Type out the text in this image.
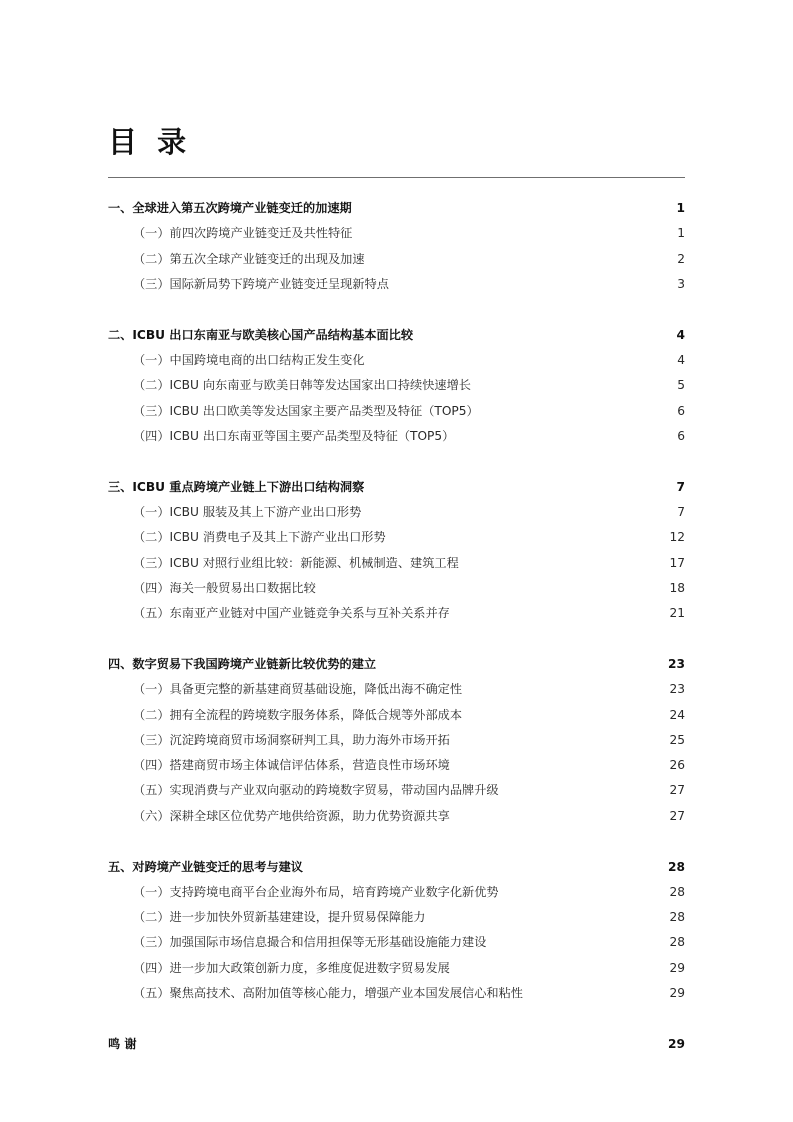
目 录
一、全球进入第五次跨境产业链变迁的加速期	1
（一）前四次跨境产业链变迁及共性特征	1
（二）第五次全球产业链变迁的出现及加速	2
（三）国际新局势下跨境产业链变迁呈现新特点	3
二、ICBU 出口东南亚与欧美核心国产品结构基本面比较	4
（一）中国跨境电商的出口结构正发生变化	4
（二）ICBU 向东南亚与欧美日韩等发达国家出口持续快速增长	5
（三）ICBU 出口欧美等发达国家主要产品类型及特征（TOP5）	6
（四）ICBU 出口东南亚等国主要产品类型及特征（TOP5）	6
三、ICBU 重点跨境产业链上下游出口结构洞察	7
（一）ICBU 服装及其上下游产业出口形势	7
（二）ICBU 消费电子及其上下游产业出口形势	12
（三）ICBU 对照行业组比较：新能源、机械制造、建筑工程	17
（四）海关一般贸易出口数据比较	18
（五）东南亚产业链对中国产业链竞争关系与互补关系并存	21
四、数字贸易下我国跨境产业链新比较优势的建立	23
（一）具备更完整的新基建商贸基础设施，降低出海不确定性	23
（二）拥有全流程的跨境数字服务体系，降低合规等外部成本	24
（三）沉淀跨境商贸市场洞察研判工具，助力海外市场开拓	25
（四）搭建商贸市场主体诚信评估体系，营造良性市场环境	26
（五）实现消费与产业双向驱动的跨境数字贸易，带动国内品牌升级	27
（六）深耕全球区位优势产地供给资源，助力优势资源共享	27
五、对跨境产业链变迁的思考与建议	28
（一）支持跨境电商平台企业海外布局，培育跨境产业数字化新优势	28
（二）进一步加快外贸新基建建设，提升贸易保障能力	28
（三）加强国际市场信息撮合和信用担保等无形基础设施能力建设	28
（四）进一步加大政策创新力度，多维度促进数字贸易发展	29
（五）聚焦高技术、高附加值等核心能力，增强产业本国发展信心和粘性	29
鸣 谢	29
